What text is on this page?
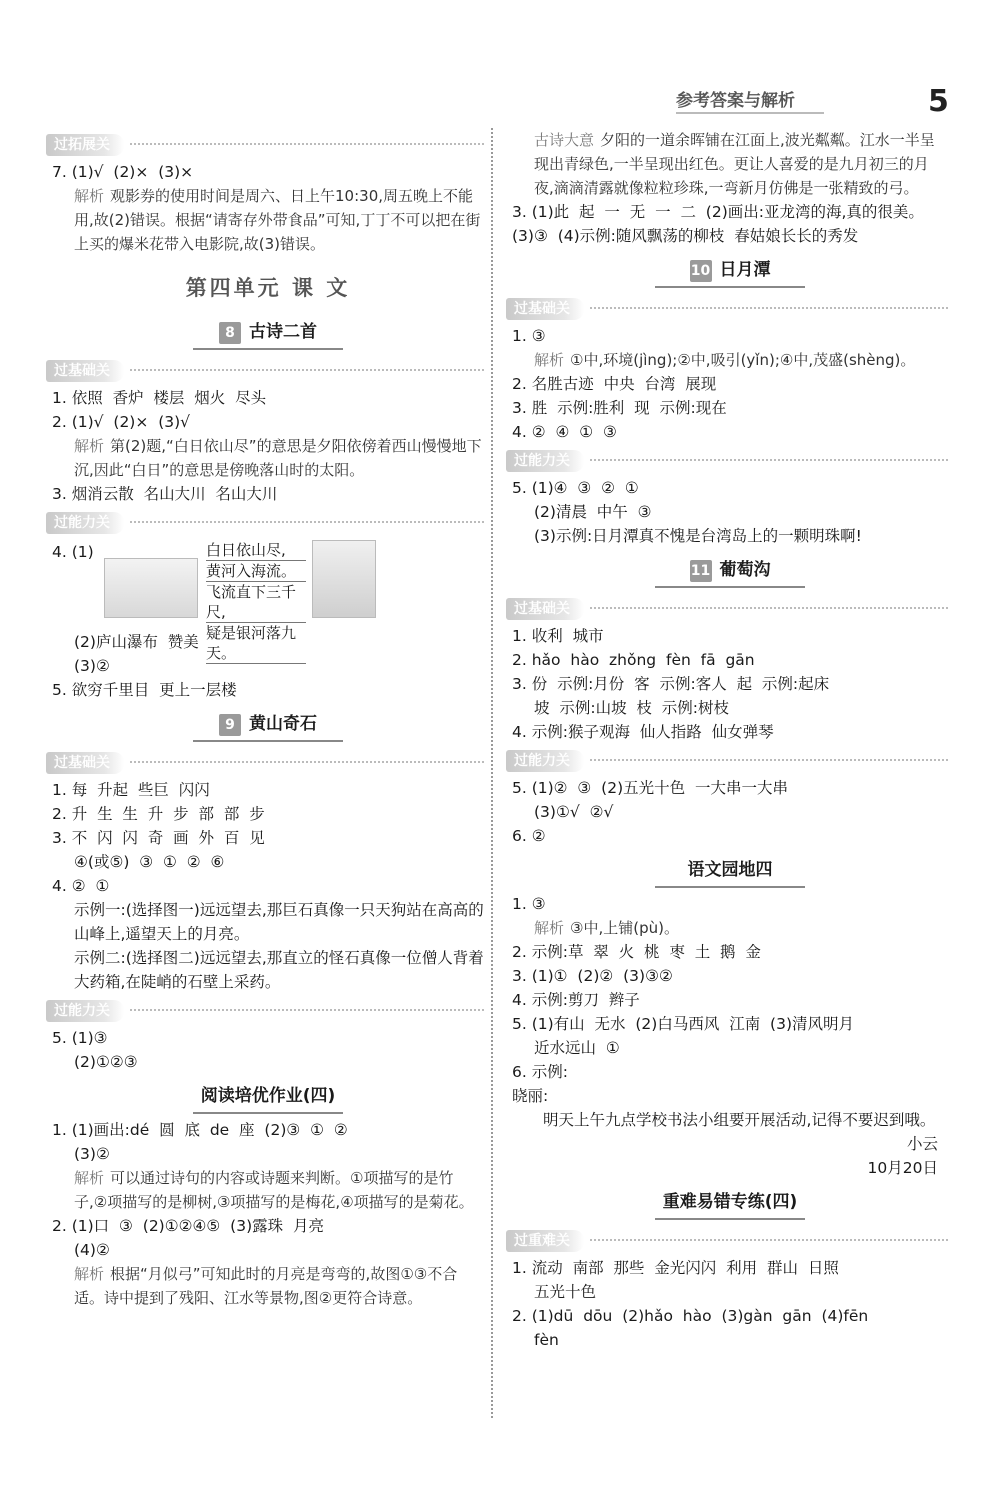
参考答案与解析	5
过拓展关

7. (1)√  (2)×  (3)×

解析 观影券的使用时间是周六、日上午10:30,周五晚上不能用,故(2)错误。根据“请寄存外带食品”可知,丁丁不可以把在街上买的爆米花带入电影院,故(3)错误。

第四单元 课 文
8 古诗二首
过基础关

1. 依照  香炉  楼层  烟火  尽头

2. (1)√  (2)×  (3)√

解析 第(2)题,“白日依山尽”的意思是夕阳依傍着西山慢慢地下沉,因此“白日”的意思是傍晚落山时的太阳。

3. 烟消云散  名山大川  名山大川

过能力关
4. (1)	白日依山尽,
黄河入海流。
飞流直下三千尺,
疑是银河落九天。

(2)庐山瀑布  赞美

(3)②

5. 欲穷千里目  更上一层楼

9 黄山奇石
过基础关

1. 每  升起  些巨  闪闪

2. 升  生  生  升  步  部  部  步

3. 不  闪  闪  奇  画  外  百  见

④(或⑤)  ③  ①  ②  ⑥

4. ②  ①

示例一:(选择图一)远远望去,那巨石真像一只天狗站在高高的山峰上,遥望天上的月亮。

示例二:(选择图二)远远望去,那直立的怪石真像一位僧人背着大药箱,在陡峭的石壁上采药。

过能力关

5. (1)③

(2)①②③

阅读培优作业(四)

1. (1)画出:dé  圆  底  de  座  (2)③  ①  ②

(3)②

解析 可以通过诗句的内容或诗题来判断。①项描写的是竹子,②项描写的是柳树,③项描写的是梅花,④项描写的是菊花。

2. (1)口  ③  (2)①②④⑤  (3)露珠  月亮

(4)②

解析 根据“月似弓”可知此时的月亮是弯弯的,故图①③不合适。诗中提到了残阳、江水等景物,图②更符合诗意。

古诗大意 夕阳的一道余晖铺在江面上,波光粼粼。江水一半呈现出青绿色,一半呈现出红色。更让人喜爱的是九月初三的月夜,滴滴清露就像粒粒珍珠,一弯新月仿佛是一张精致的弓。

3. (1)此  起  一  无  一  二  (2)画出:亚龙湾的海,真的很美。(3)③  (4)示例:随风飘荡的柳枝  春姑娘长长的秀发

10 日月潭
过基础关

1. ③

解析 ①中,环境(jìng);②中,吸引(yǐn);④中,茂盛(shèng)。

2. 名胜古迹  中央  台湾  展现

3. 胜  示例:胜利  现  示例:现在

4. ②  ④  ①  ③

过能力关

5. (1)④  ③  ②  ①

(2)清晨  中午  ③

(3)示例:日月潭真不愧是台湾岛上的一颗明珠啊!

11 葡萄沟
过基础关

1. 收利  城市

2. hǎo  hào  zhǒng  fèn  fā  gān

3. 份  示例:月份  客  示例:客人  起  示例:起床

坡  示例:山坡  枝  示例:树枝

4. 示例:猴子观海  仙人指路  仙女弹琴

过能力关

5. (1)②  ③  (2)五光十色  一大串一大串

(3)①√  ②√

6. ②

语文园地四

1. ③

解析 ③中,上铺(pù)。

2. 示例:草  翠  火  桃  枣  土  鹅  金

3. (1)①  (2)②  (3)③②

4. 示例:剪刀  辫子

5. (1)有山  无水  (2)白马西风  江南  (3)清风明月

近水远山  ①

6. 示例:

晓丽:

明天上午九点学校书法小组要开展活动,记得不要迟到哦。

小云

10月20日

重难易错专练(四)
过重难关

1. 流动  南部  那些  金光闪闪  利用  群山  日照

五光十色

2. (1)dū  dōu  (2)hǎo  hào  (3)gàn  gān  (4)fēn

fèn
